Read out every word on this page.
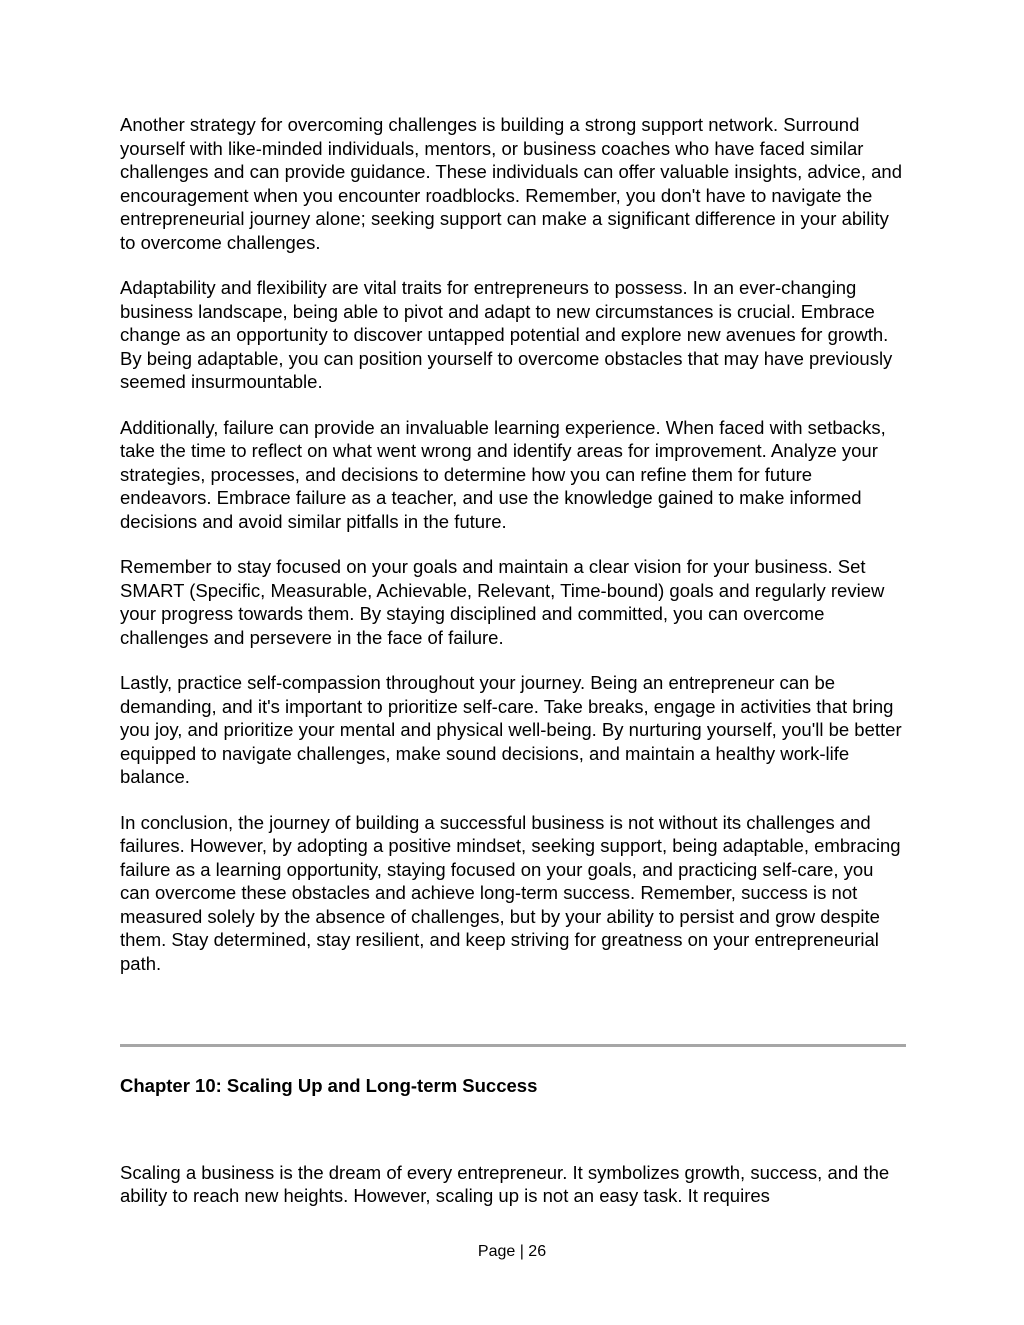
Another strategy for overcoming challenges is building a strong support network. Surround yourself with like-minded individuals, mentors, or business coaches who have faced similar challenges and can provide guidance. These individuals can offer valuable insights, advice, and encouragement when you encounter roadblocks. Remember, you don't have to navigate the entrepreneurial journey alone; seeking support can make a significant difference in your ability to overcome challenges.

Adaptability and flexibility are vital traits for entrepreneurs to possess. In an ever-changing business landscape, being able to pivot and adapt to new circumstances is crucial. Embrace change as an opportunity to discover untapped potential and explore new avenues for growth. By being adaptable, you can position yourself to overcome obstacles that may have previously seemed insurmountable.

Additionally, failure can provide an invaluable learning experience. When faced with setbacks, take the time to reflect on what went wrong and identify areas for improvement. Analyze your strategies, processes, and decisions to determine how you can refine them for future endeavors. Embrace failure as a teacher, and use the knowledge gained to make informed decisions and avoid similar pitfalls in the future.

Remember to stay focused on your goals and maintain a clear vision for your business. Set SMART (Specific, Measurable, Achievable, Relevant, Time-bound) goals and regularly review your progress towards them. By staying disciplined and committed, you can overcome challenges and persevere in the face of failure.

Lastly, practice self-compassion throughout your journey. Being an entrepreneur can be demanding, and it's important to prioritize self-care. Take breaks, engage in activities that bring you joy, and prioritize your mental and physical well-being. By nurturing yourself, you'll be better equipped to navigate challenges, make sound decisions, and maintain a healthy work-life balance.

In conclusion, the journey of building a successful business is not without its challenges and failures. However, by adopting a positive mindset, seeking support, being adaptable, embracing failure as a learning opportunity, staying focused on your goals, and practicing self-care, you can overcome these obstacles and achieve long-term success. Remember, success is not measured solely by the absence of challenges, but by your ability to persist and grow despite them. Stay determined, stay resilient, and keep striving for greatness on your entrepreneurial path.

Chapter 10: Scaling Up and Long-term Success

Scaling a business is the dream of every entrepreneur. It symbolizes growth, success, and the ability to reach new heights. However, scaling up is not an easy task. It requires

Page | 26
